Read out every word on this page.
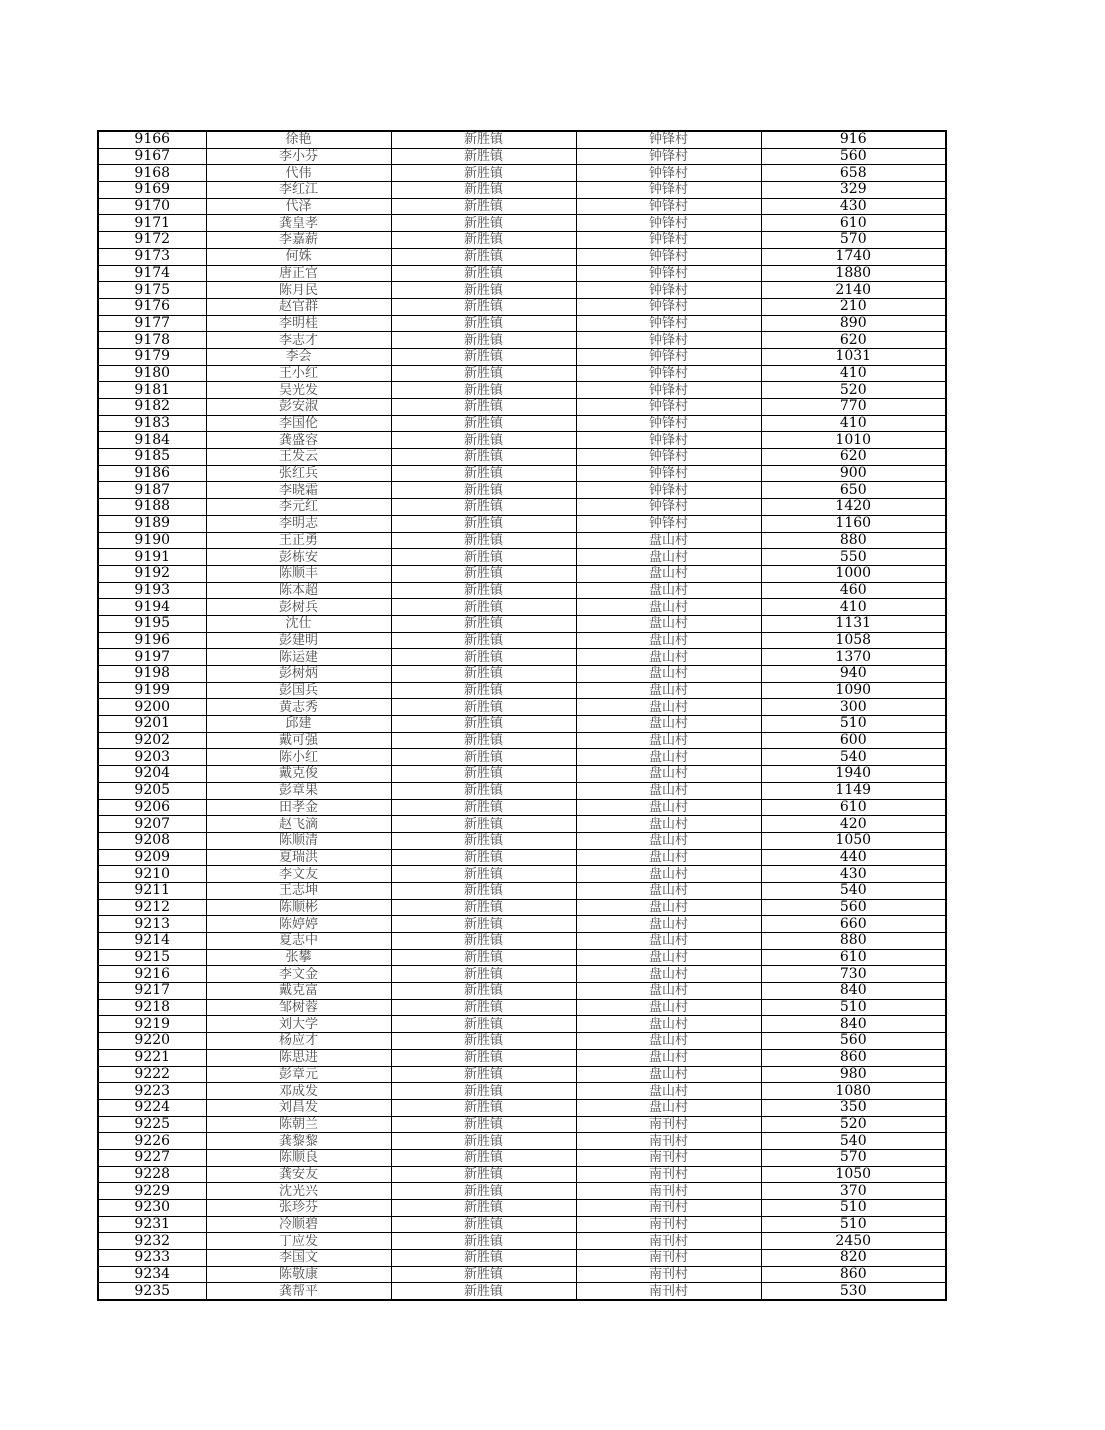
9166	徐艳	新胜镇	钟锋村	916
9167	李小芬	新胜镇	钟锋村	560
9168	代伟	新胜镇	钟锋村	658
9169	李红江	新胜镇	钟锋村	329
9170	代泽	新胜镇	钟锋村	430
9171	龚皇孝	新胜镇	钟锋村	610
9172	李嘉薪	新胜镇	钟锋村	570
9173	何姝	新胜镇	钟锋村	1740
9174	唐正官	新胜镇	钟锋村	1880
9175	陈月民	新胜镇	钟锋村	2140
9176	赵官群	新胜镇	钟锋村	210
9177	李明桂	新胜镇	钟锋村	890
9178	李志才	新胜镇	钟锋村	620
9179	李会	新胜镇	钟锋村	1031
9180	王小红	新胜镇	钟锋村	410
9181	吴光发	新胜镇	钟锋村	520
9182	彭安淑	新胜镇	钟锋村	770
9183	李国伦	新胜镇	钟锋村	410
9184	龚盛容	新胜镇	钟锋村	1010
9185	王发云	新胜镇	钟锋村	620
9186	张红兵	新胜镇	钟锋村	900
9187	李晓霜	新胜镇	钟锋村	650
9188	李元红	新胜镇	钟锋村	1420
9189	李明志	新胜镇	钟锋村	1160
9190	王正勇	新胜镇	盘山村	880
9191	彭栋安	新胜镇	盘山村	550
9192	陈顺丰	新胜镇	盘山村	1000
9193	陈本超	新胜镇	盘山村	460
9194	彭树兵	新胜镇	盘山村	410
9195	沈仕	新胜镇	盘山村	1131
9196	彭建明	新胜镇	盘山村	1058
9197	陈运建	新胜镇	盘山村	1370
9198	彭树炳	新胜镇	盘山村	940
9199	彭国兵	新胜镇	盘山村	1090
9200	黄志秀	新胜镇	盘山村	300
9201	邱建	新胜镇	盘山村	510
9202	戴可强	新胜镇	盘山村	600
9203	陈小红	新胜镇	盘山村	540
9204	戴克俊	新胜镇	盘山村	1940
9205	彭章果	新胜镇	盘山村	1149
9206	田孝金	新胜镇	盘山村	610
9207	赵飞滴	新胜镇	盘山村	420
9208	陈顺清	新胜镇	盘山村	1050
9209	夏瑞洪	新胜镇	盘山村	440
9210	李文友	新胜镇	盘山村	430
9211	王志坤	新胜镇	盘山村	540
9212	陈顺彬	新胜镇	盘山村	560
9213	陈婷婷	新胜镇	盘山村	660
9214	夏志中	新胜镇	盘山村	880
9215	张攀	新胜镇	盘山村	610
9216	李文金	新胜镇	盘山村	730
9217	戴克富	新胜镇	盘山村	840
9218	邹树蓉	新胜镇	盘山村	510
9219	刘大学	新胜镇	盘山村	840
9220	杨应才	新胜镇	盘山村	560
9221	陈思进	新胜镇	盘山村	860
9222	彭章元	新胜镇	盘山村	980
9223	邓成发	新胜镇	盘山村	1080
9224	刘昌发	新胜镇	盘山村	350
9225	陈朝兰	新胜镇	南刊村	520
9226	龚黎黎	新胜镇	南刊村	540
9227	陈顺良	新胜镇	南刊村	570
9228	龚安友	新胜镇	南刊村	1050
9229	沈光兴	新胜镇	南刊村	370
9230	张珍芬	新胜镇	南刊村	510
9231	冷顺碧	新胜镇	南刊村	510
9232	丁应发	新胜镇	南刊村	2450
9233	李国文	新胜镇	南刊村	820
9234	陈敬康	新胜镇	南刊村	860
9235	龚帮平	新胜镇	南刊村	530
